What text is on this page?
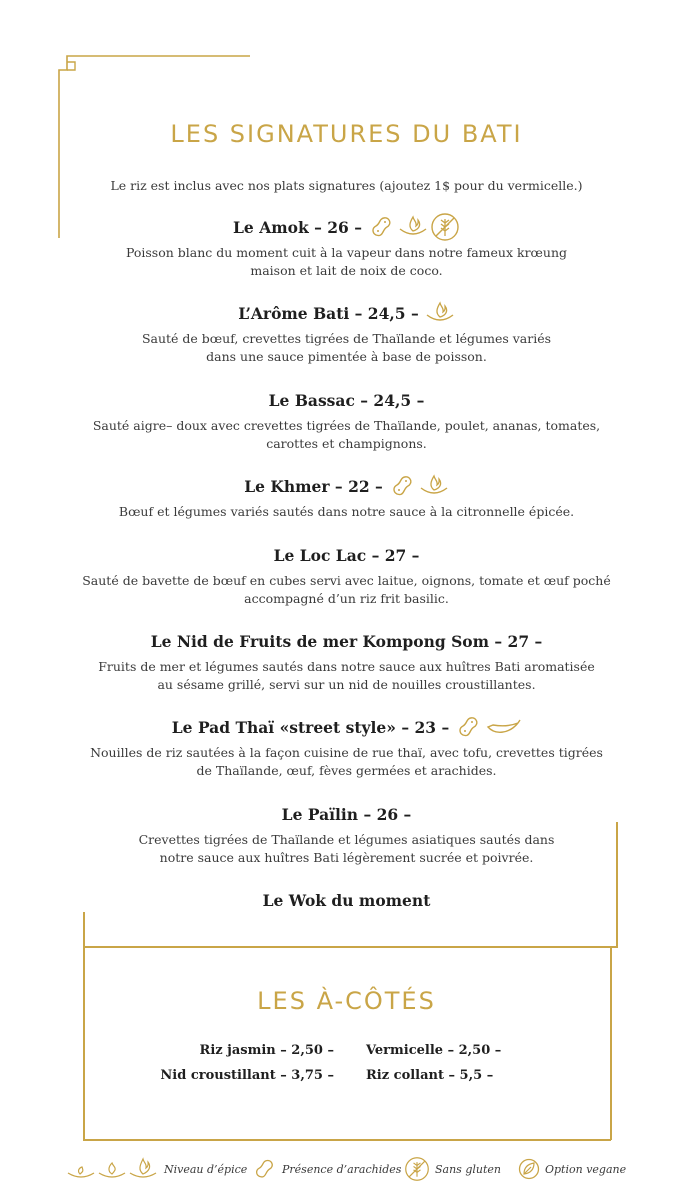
LES SIGNATURES DU BATI
Le riz est inclus avec nos plats signatures (ajoutez 1$ pour du vermicelle.)
Le Amok – 26 –
Poisson blanc du moment cuit à la vapeur dans notre fameux krœung
maison et lait de noix de coco.
L’Arôme Bati – 24,5 –
Sauté de bœuf, crevettes tigrées de Thaïlande et légumes variés
dans une sauce pimentée à base de poisson.
Le Bassac – 24,5 –
Sauté aigre– doux avec crevettes tigrées de Thaïlande, poulet, ananas, tomates,
carottes et champignons.
Le Khmer – 22 –
Bœuf et légumes variés sautés dans notre sauce à la citronnelle épicée.
Le Loc Lac – 27 –
Sauté de bavette de bœuf en cubes servi avec laitue, oignons, tomate et œuf poché
accompagné d’un riz frit basilic.
Le Nid de Fruits de mer Kompong Som – 27 –
Fruits de mer et légumes sautés dans notre sauce aux huîtres Bati aromatisée
au sésame grillé, servi sur un nid de nouilles croustillantes.
Le Pad Thaï «street style» – 23 –
Nouilles de riz sautées à la façon cuisine de rue thaï, avec tofu, crevettes tigrées
de Thaïlande, œuf, fèves germées et arachides.
Le Païlin – 26 –
Crevettes tigrées de Thaïlande et légumes asiatiques sautés dans
notre sauce aux huîtres Bati légèrement sucrée et poivrée.
Le Wok du moment
LES À-CÔTÉS
Riz jasmin – 2,50 – Vermicelle – 2,50 –
Nid croustillant – 3,75 – Riz collant – 5,5 –
Niveau d’épice	Présence d’arachides	Sans gluten	Option vegane
